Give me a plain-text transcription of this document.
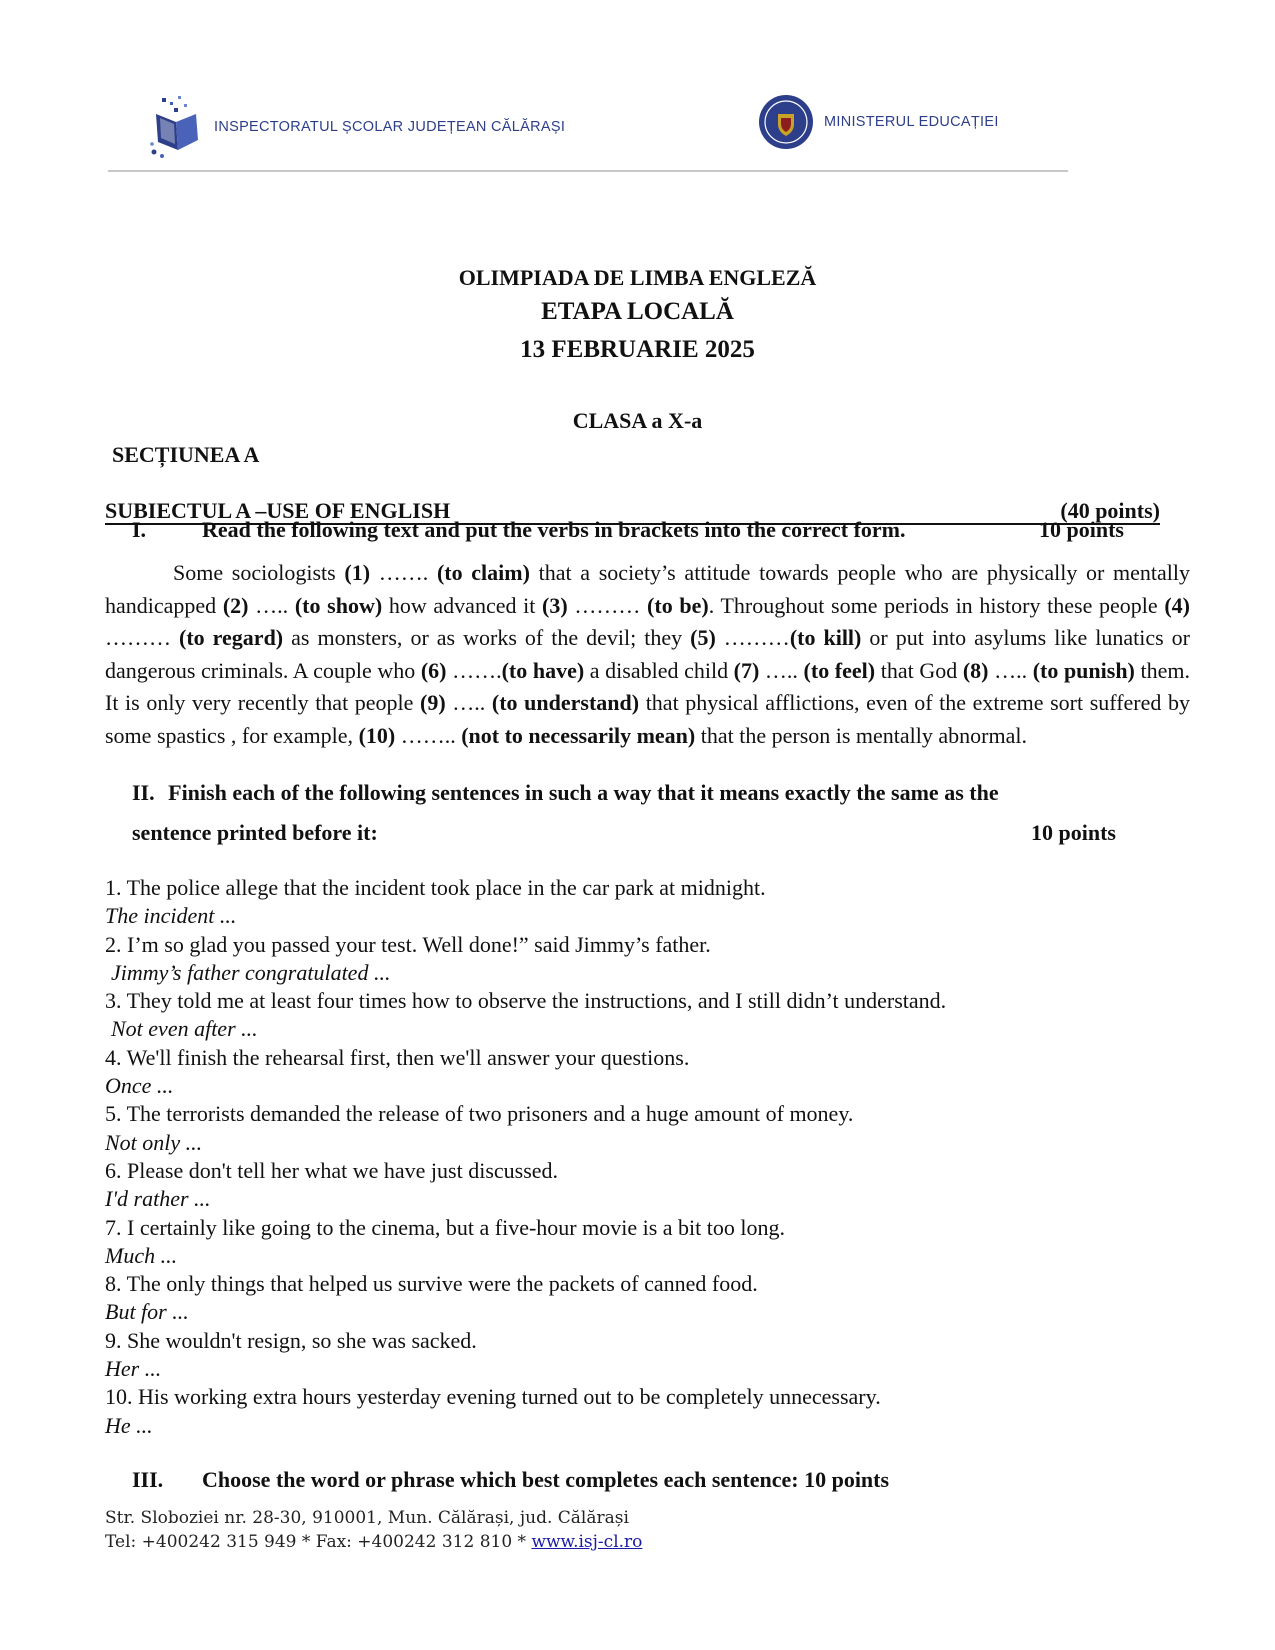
INSPECTORATUL ȘCOLAR JUDEȚEAN CĂLĂRAȘI	MINISTERUL EDUCAȚIEI
OLIMPIADA DE LIMBA ENGLEZĂ
ETAPA LOCALĂ
13 FEBRUARIE 2025
CLASA a X-a
SECȚIUNEA A
SUBIECTUL A –USE OF ENGLISH	(40 points)
I.	Read the following text and put the verbs in brackets into the correct form.	10 points
Some sociologists (1) ……. (to claim) that a society’s attitude towards people who are physically or mentally handicapped (2) ….. (to show) how advanced it (3) ……… (to be). Throughout some periods in history these people (4) ……… (to regard) as monsters, or as works of the devil; they (5) ………(to kill) or put into asylums like lunatics or dangerous criminals. A couple who (6) …….(to have) a disabled child (7) ….. (to feel) that God (8) ….. (to punish) them. It is only very recently that people (9) ….. (to understand) that physical afflictions, even of the extreme sort suffered by some spastics , for example, (10) …….. (not to necessarily mean) that the person is mentally abnormal.
II. Finish each of the following sentences in such a way that it means exactly the same as the
sentence printed before it:	10 points
1. The police allege that the incident took place in the car park at midnight.
The incident ...
2. I’m so glad you passed your test. Well done!” said Jimmy’s father.
Jimmy’s father congratulated ...
3. They told me at least four times how to observe the instructions, and I still didn’t understand.
Not even after ...
4. We'll finish the rehearsal first, then we'll answer your questions.
Once ...
5. The terrorists demanded the release of two prisoners and a huge amount of money.
Not only ...
6. Please don't tell her what we have just discussed.
I'd rather ...
7. I certainly like going to the cinema, but a five-hour movie is a bit too long.
Much ...
8. The only things that helped us survive were the packets of canned food.
But for ...
9. She wouldn't resign, so she was sacked.
Her ...
10. His working extra hours yesterday evening turned out to be completely unnecessary.
He ...
III. Choose the word or phrase which best completes each sentence: 10 points
Str. Sloboziei nr. 28-30, 910001, Mun. Călărași, jud. Călărași
Tel: +400242 315 949 * Fax: +400242 312 810 * www.isj-cl.ro
